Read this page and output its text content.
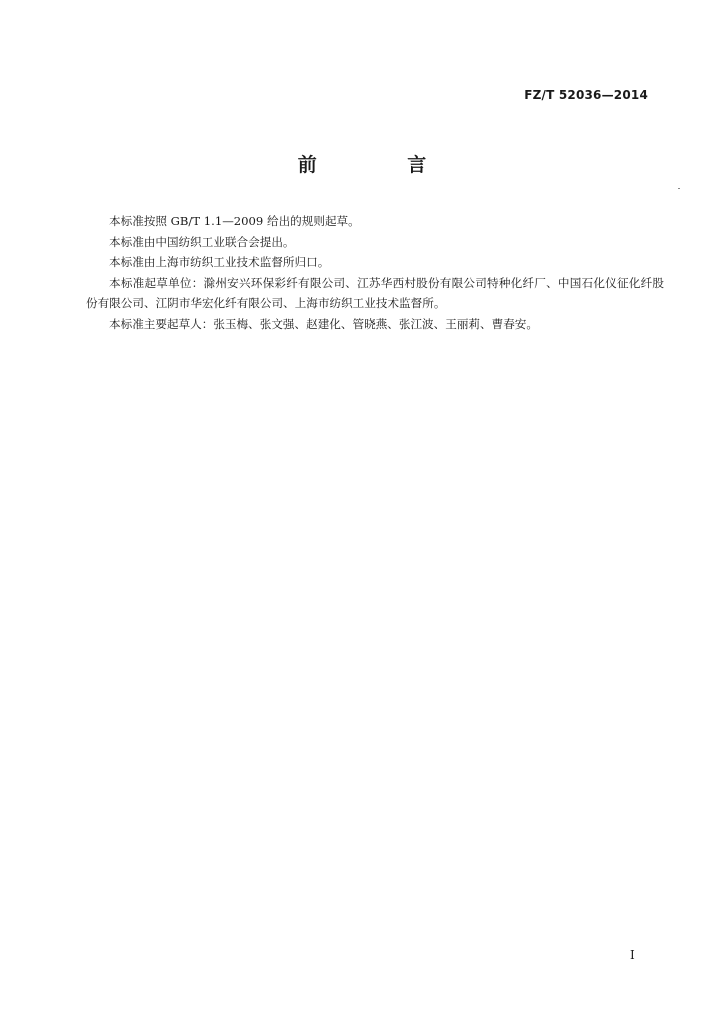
FZ/T 52036—2014
前 言

本标准按照 GB/T 1.1—2009 给出的规则起草。

本标准由中国纺织工业联合会提出。

本标准由上海市纺织工业技术监督所归口。

本标准起草单位：滁州安兴环保彩纤有限公司、江苏华西村股份有限公司特种化纤厂、中国石化仪征化纤股份有限公司、江阴市华宏化纤有限公司、上海市纺织工业技术监督所。

本标准主要起草人：张玉梅、张文强、赵建化、管晓燕、张江波、王丽莉、曹春安。

I
